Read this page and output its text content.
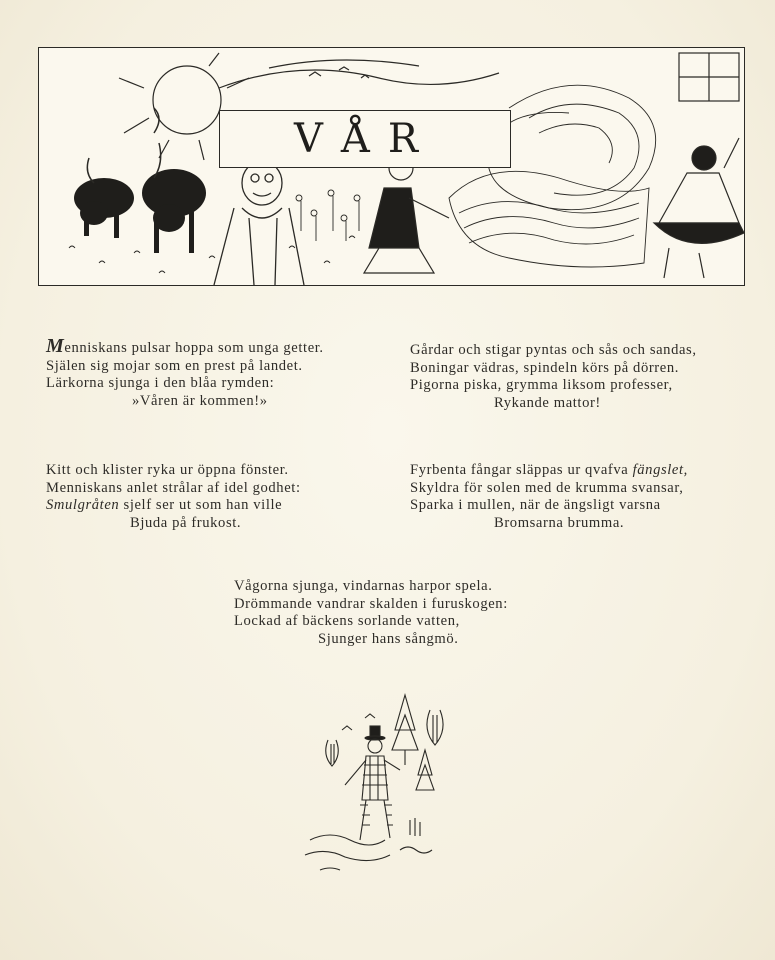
VÅR
Menniskans pulsar hoppa som unga getter.
Själen sig mojar som en prest på landet.
Lärkorna sjunga i den blåa rymden:
»Våren är kommen!»
Gårdar och stigar pyntas och sås och sandas,
Boningar vädras, spindeln körs på dörren.
Pigorna piska, grymma liksom professer,
Rykande mattor!
Kitt och klister ryka ur öppna fönster.
Menniskans anlet strålar af idel godhet:
Smulgråten sjelf ser ut som han ville
Bjuda på frukost.
Fyrbenta fångar släppas ur qvafva fängslet,
Skyldra för solen med de krumma svansar,
Sparka i mullen, när de ängsligt varsna
Bromsarna brumma.
Vågorna sjunga, vindarnas harpor spela.
Drömmande vandrar skalden i furuskogen:
Lockad af bäckens sorlande vatten,
Sjunger hans sångmö.
